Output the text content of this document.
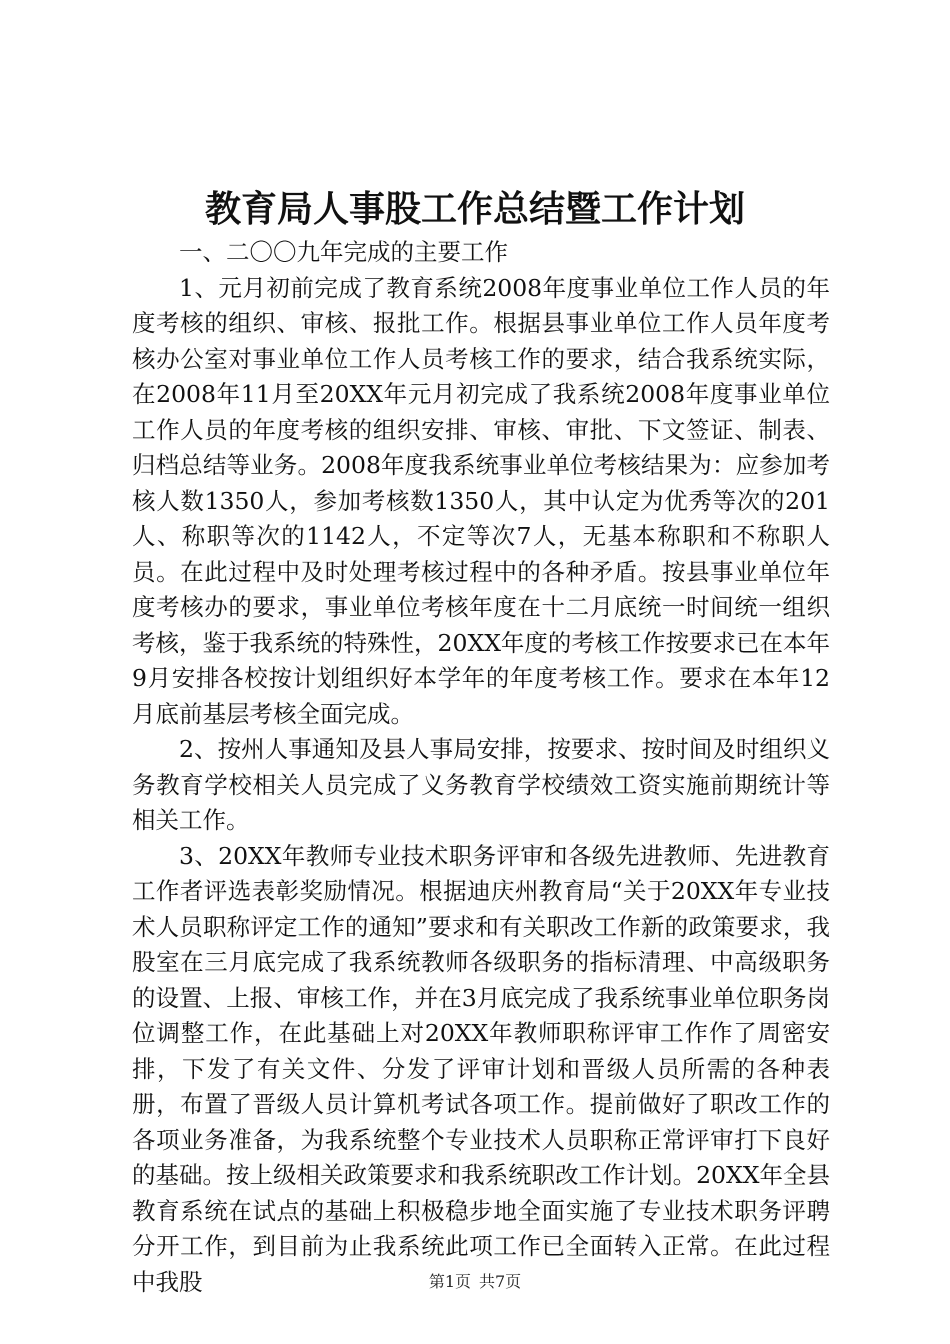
教育局人事股工作总结暨工作计划

一、二〇〇九年完成的主要工作

1、元月初前完成了教育系统2008年度事业单位工作人员的年度考核的组织、审核、报批工作。根据县事业单位工作人员年度考核办公室对事业单位工作人员考核工作的要求，结合我系统实际，在2008年11月至20XX年元月初完成了我系统2008年度事业单位工作人员的年度考核的组织安排、审核、审批、下文签证、制表、归档总结等业务。2008年度我系统事业单位考核结果为：应参加考核人数1350人，参加考核数1350人，其中认定为优秀等次的201人、称职等次的1142人，不定等次7人，无基本称职和不称职人员。在此过程中及时处理考核过程中的各种矛盾。按县事业单位年度考核办的要求，事业单位考核年度在十二月底统一时间统一组织考核，鉴于我系统的特殊性，20XX年度的考核工作按要求已在本年9月安排各校按计划组织好本学年的年度考核工作。要求在本年12月底前基层考核全面完成。

2、按州人事通知及县人事局安排，按要求、按时间及时组织义务教育学校相关人员完成了义务教育学校绩效工资实施前期统计等相关工作。

3、20XX年教师专业技术职务评审和各级先进教师、先进教育工作者评选表彰奖励情况。根据迪庆州教育局“关于20XX年专业技术人员职称评定工作的通知”要求和有关职改工作新的政策要求，我股室在三月底完成了我系统教师各级职务的指标清理、中高级职务的设置、上报、审核工作，并在3月底完成了我系统事业单位职务岗位调整工作，在此基础上对20XX年教师职称评审工作作了周密安排，下发了有关文件、分发了评审计划和晋级人员所需的各种表册，布置了晋级人员计算机考试各项工作。提前做好了职改工作的各项业务准备，为我系统整个专业技术人员职称正常评审打下良好的基础。按上级相关政策要求和我系统职改工作计划。20XX年全县教育系统在试点的基础上积极稳步地全面实施了专业技术职务评聘分开工作，到目前为止我系统此项工作已全面转入正常。在此过程中我股	第1页 共7页
